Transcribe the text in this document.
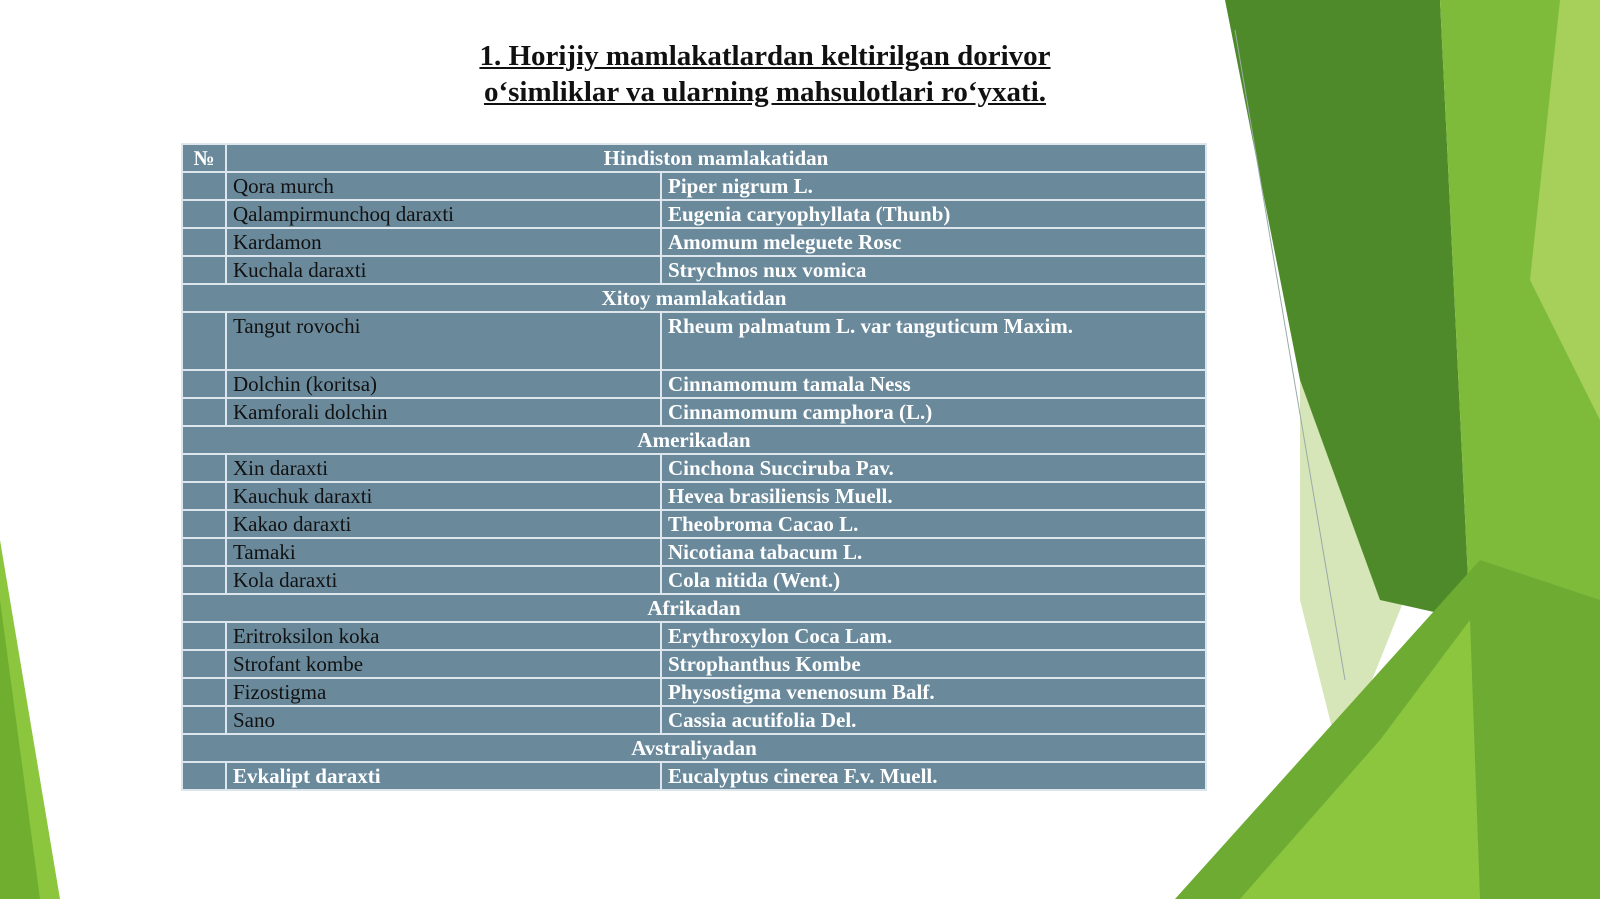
1. Horijiy mamlakatlardan keltirilgan dorivor
o‘simliklar va ularning mahsulotlari ro‘yxati.
№	Hindiston mamlakatidan	
	Qora murch	Piper nigrum L.
	Qalampirmunchoq daraxti	Eugenia caryophyllata (Thunb)
	Kardamon	Amomum meleguete Rosc
	Kuchala daraxti	Strychnos nux vomica
Xitoy mamlakatidan		
	Tangut rovochi	Rheum palmatum L. var tanguticum Maxim.
	Dolchin (koritsa)	Cinnamomum tamala Ness
	Kamforali dolchin	Cinnamomum camphora (L.)
Amerikadan		
	Xin daraxti	Cinchona Succiruba Pav.
	Kauchuk daraxti	Hevea brasiliensis Muell.
	Kakao daraxti	Theobroma Cacao L.
	Tamaki	Nicotiana tabacum L.
	Kola daraxti	Cola nitida (Went.)
Afrikadan		
	Eritroksilon koka	Erythroxylon Coca Lam.
	Strofant kombe	Strophanthus Kombe
	Fizostigma	Physostigma venenosum Balf.
	Sano	Cassia acutifolia Del.
Avstraliyadan		
	Evkalipt daraxti	Eucalyptus cinerea F.v. Muell.
